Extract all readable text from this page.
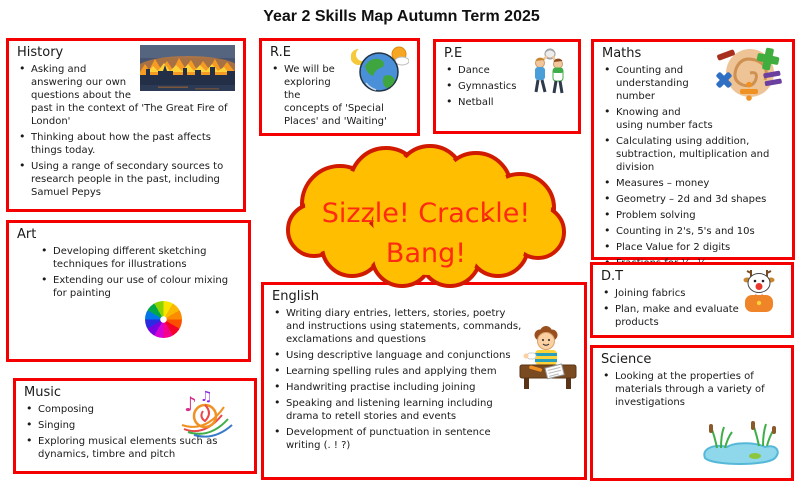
Year 2 Skills Map Autumn Term 2025
History
• Asking and answering our own questions about the past in the context of 'The Great Fire of London'
• Thinking about how the past affects things today.
• Using a range of secondary sources to research people in the past, including Samuel Pepys
Art
• Developing different sketching techniques for illustrations
• Extending our use of colour mixing for painting
♪ ♫
Music
• Composing
• Singing
• Exploring musical elements such as dynamics, timbre and pitch
R.E
• We will be exploring the concepts of 'Special Places' and 'Waiting'
P.E
• Dance
• Gymnastics
• Netball
Maths
• Counting and understanding number
• Knowing and using number facts
• Calculating using addition, subtraction, multiplication and division
• Measures – money
• Geometry – 2d and 3d shapes
• Problem solving
• Counting in 2's, 5's and 10s
• Place Value for 2 digits
•
•
D.T
• Joining fabrics
• Plan, make and evaluate products
Science
• Looking at the properties of materials through a variety of investigations
English
• Writing diary entries, letters, stories, poetry and instructions using statements, commands, exclamations and questions
• Using descriptive language and conjunctions
• Learning spelling rules and applying them
• Handwriting practise including joining
• Speaking and listening learning including drama to retell stories and events
• Development of punctuation in sentence writing (. ! ?)
Sizzle! Crackle!
Bang!
